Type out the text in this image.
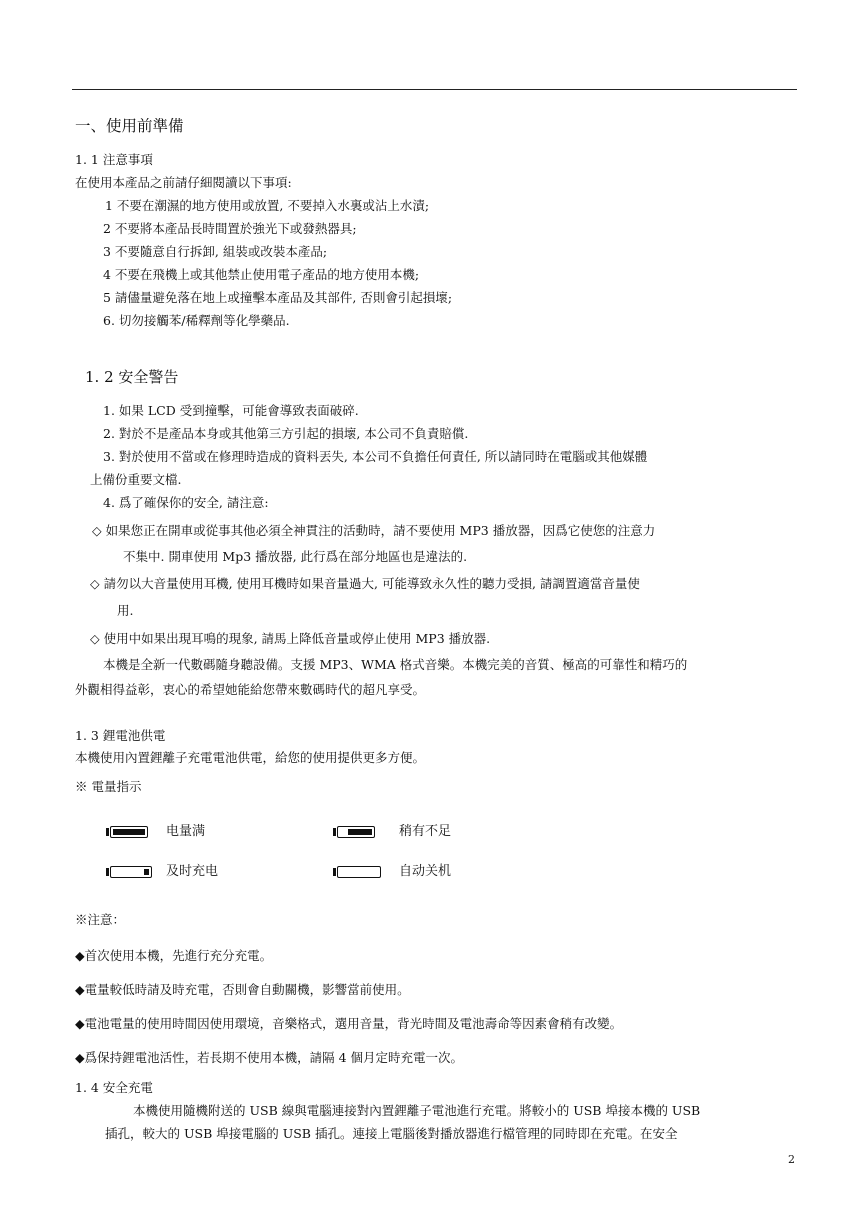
一、使用前準備
1. 1 注意事項
在使用本產品之前請仔細閱讀以下事項:
1 不要在潮濕的地方使用或放置, 不要掉入水裏或沾上水漬;
2 不要將本產品長時間置於強光下或發熱器具;
3 不要隨意自行拆卸, 組裝或改裝本產品;
4 不要在飛機上或其他禁止使用電子產品的地方使用本機;
5 請儘量避免落在地上或撞擊本產品及其部件, 否則會引起損壞;
6. 切勿接觸苯/稀釋劑等化學藥品.
1. 2 安全警告
1. 如果 LCD 受到撞擊，可能會導致表面破碎.
2. 對於不是產品本身或其他第三方引起的損壞, 本公司不負責賠償.
3. 對於使用不當或在修理時造成的資料丟失, 本公司不負擔任何責任, 所以請同時在電腦或其他媒體
上備份重要文檔.
4. 爲了確保你的安全, 請注意:
◇ 如果您正在開車或從事其他必須全神貫注的活動時，請不要使用 MP3 播放器，因爲它使您的注意力
不集中. 開車使用 Mp3 播放器, 此行爲在部分地區也是違法的.
◇ 請勿以大音量使用耳機, 使用耳機時如果音量過大, 可能導致永久性的聽力受損, 請調置適當音量使
用.
◇ 使用中如果出現耳鳴的現象, 請馬上降低音量或停止使用 MP3 播放器.
本機是全新一代數碼隨身聽設備。支援 MP3、WMA 格式音樂。本機完美的音質、極高的可靠性和精巧的
外觀相得益彰，衷心的希望她能給您帶來數碼時代的超凡享受。
1. 3 鋰電池供電
本機使用內置鋰離子充電電池供電，給您的使用提供更多方便。
※ 電量指示
电量满	稍有不足
及时充电	自动关机
※注意：
◆首次使用本機，先進行充分充電。
◆電量較低時請及時充電，否則會自動關機，影響當前使用。
◆電池電量的使用時間因使用環境，音樂格式，選用音量，背光時間及電池壽命等因素會稍有改變。
◆爲保持鋰電池活性，若長期不使用本機，請隔 4 個月定時充電一次。
1. 4 安全充電
本機使用隨機附送的 USB 線與電腦連接對內置鋰離子電池進行充電。將較小的 USB 埠接本機的 USB
插孔，較大的 USB 埠接電腦的 USB 插孔。連接上電腦後對播放器進行檔管理的同時即在充電。在安全
2
